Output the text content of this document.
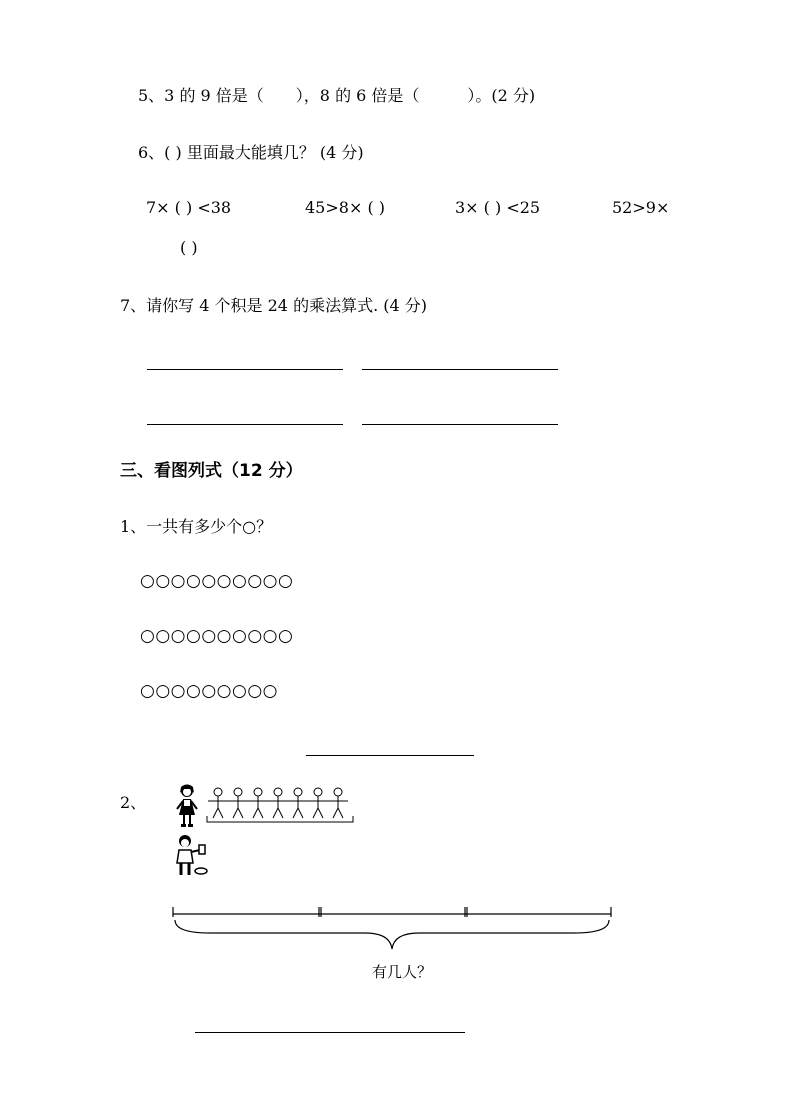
5、3 的 9 倍是（　　），8 的 6 倍是（　　　）。(2 分)
6、( ) 里面最大能填几？ (4 分)
7× ( ) <38	45>8× ( )	3× ( ) <25	52>9×
( )
7、请你写 4 个积是 24 的乘法算式. (4 分)
三、看图列式（12 分）
1、一共有多少个○？
○○○○○○○○○○
○○○○○○○○○○
○○○○○○○○○
2、
有几人？
